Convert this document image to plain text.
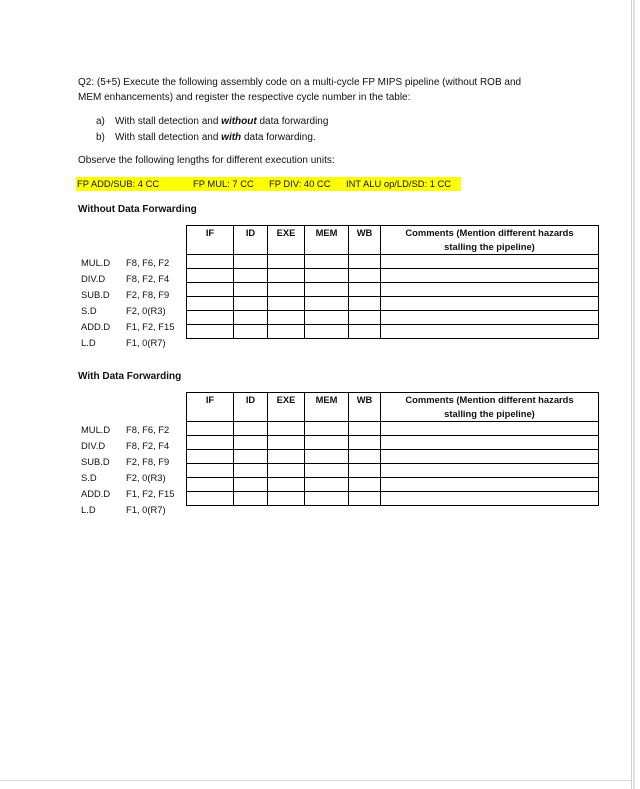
Q2: (5+5) Execute the following assembly code on a multi-cycle FP MIPS pipeline (without ROB and
MEM enhancements) and register the respective cycle number in the table:
a) With stall detection and without data forwarding
b) With stall detection and with data forwarding.
Observe the following lengths for different execution units:
FP ADD/SUB: 4 CC	FP MUL: 7 CC FP DIV: 40 CC INT ALU op/LD/SD: 1 CC
Without Data Forwarding
IF	ID	EXE	MEM	WB	Comments (Mention different hazards
stalling the pipeline)

MUL.D F8, F6, F2
DIV.D F8, F2, F4
SUB.D F2, F8, F9
S.D	F2, 0(R3)
ADD.D F1, F2, F15
L.D	F1, 0(R7)
With Data Forwarding
IF	ID	EXE	MEM	WB	Comments (Mention different hazards
stalling the pipeline)

MUL.D F8, F6, F2
DIV.D F8, F2, F4
SUB.D F2, F8, F9
S.D	F2, 0(R3)
ADD.D F1, F2, F15
L.D	F1, 0(R7)
